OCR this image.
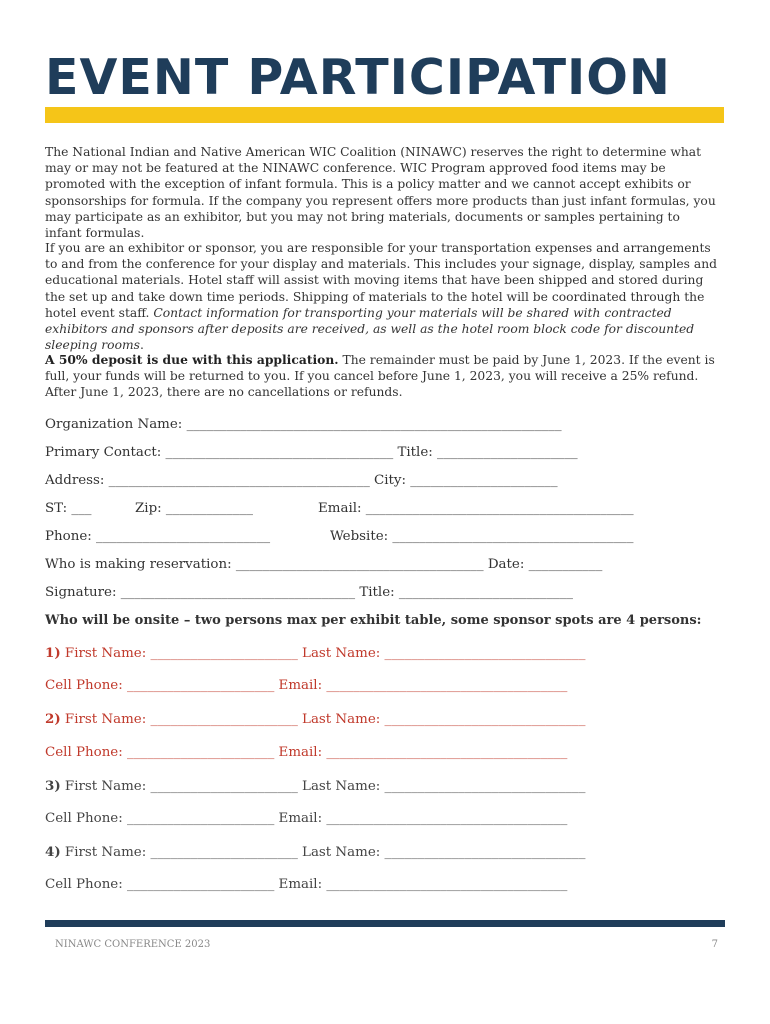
EVENT PARTICIPATION

The National Indian and Native American WIC Coalition (NINAWC) reserves the right to determine what may or may not be featured at the NINAWC conference. WIC Program approved food items may be promoted with the exception of infant formula. This is a policy matter and we cannot accept exhibits or sponsorships for formula. If the company you represent offers more products than just infant formulas, you may participate as an exhibitor, but you may not bring materials, documents or samples pertaining to infant formulas.

If you are an exhibitor or sponsor, you are responsible for your transportation expenses and arrangements to and from the conference for your display and materials. This includes your signage, display, samples and educational materials. Hotel staff will assist with moving items that have been shipped and stored during the set up and take down time periods. Shipping of materials to the hotel will be coordinated through the hotel event staff. Contact information for transporting your materials will be shared with contracted exhibitors and sponsors after deposits are received, as well as the hotel room block code for discounted sleeping rooms.

A 50% deposit is due with this application. The remainder must be paid by June 1, 2023. If the event is full, your funds will be returned to you. If you cancel before June 1, 2023, you will receive a 25% refund. After June 1, 2023, there are no cancellations or refunds.

Organization Name: ________________________________________________________
Primary Contact: __________________________________ Title: _____________________
Address: _______________________________________ City: ______________________
ST: ___	Zip: _____________	Email: ________________________________________
Phone: __________________________	Website: ____________________________________
Who is making reservation: _____________________________________ Date: ___________
Signature: ___________________________________ Title: __________________________
Who will be onsite – two persons max per exhibit table, some sponsor spots are 4 persons:
1) First Name: ______________________ Last Name: ______________________________
Cell Phone: ______________________ Email: ____________________________________
2) First Name: ______________________ Last Name: ______________________________
Cell Phone: ______________________ Email: ____________________________________
3) First Name: ______________________ Last Name: ______________________________
Cell Phone: ______________________ Email: ____________________________________
4) First Name: ______________________ Last Name: ______________________________
Cell Phone: ______________________ Email: ____________________________________

NINAWC CONFERENCE 2023	7
